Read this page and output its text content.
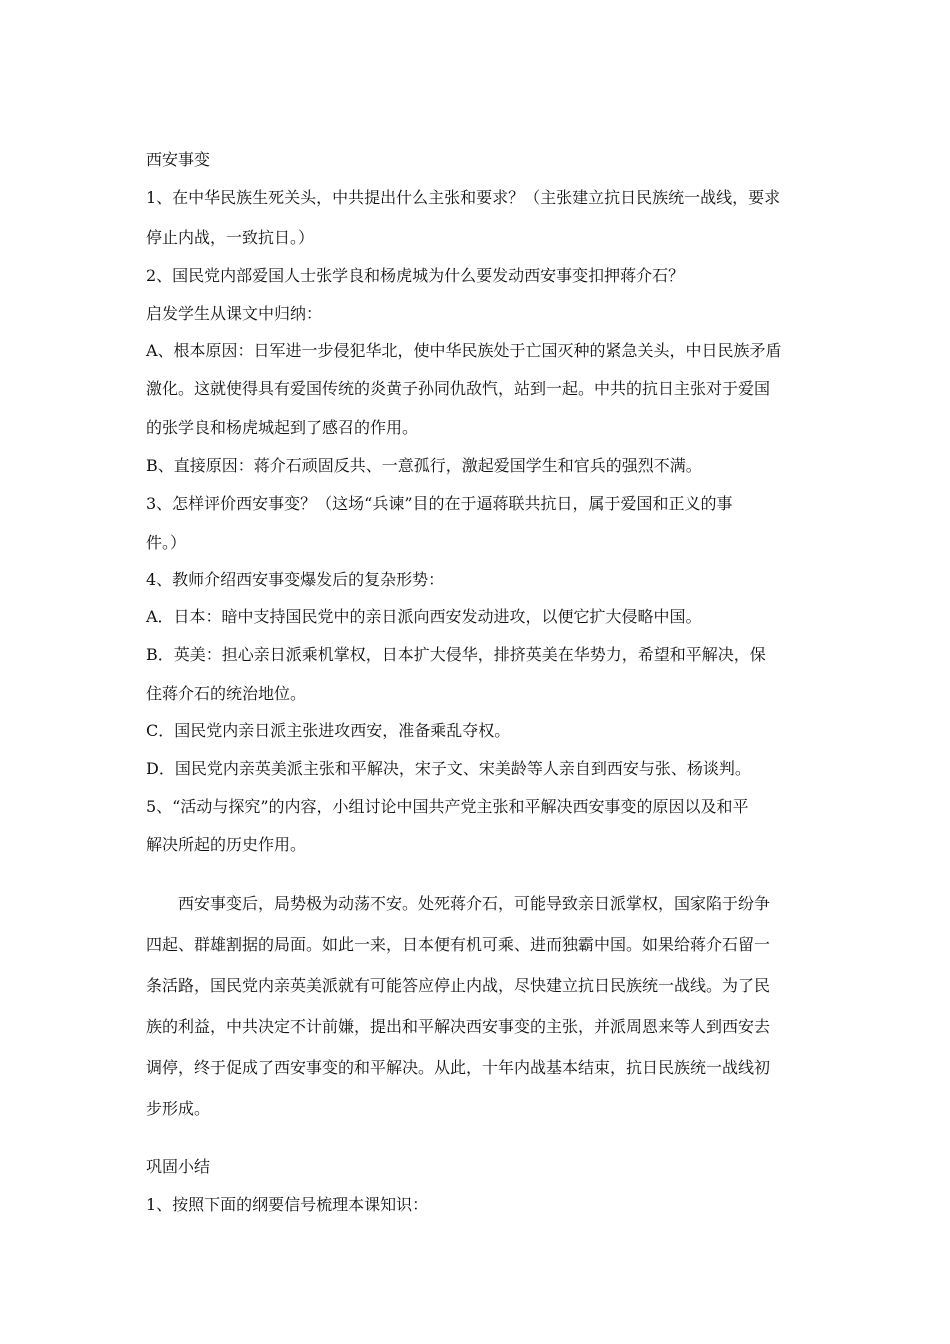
西安事变
1、在中华民族生死关头，中共提出什么主张和要求？（主张建立抗日民族统一战线，要求
停止内战，一致抗日。）
2、国民党内部爱国人士张学良和杨虎城为什么要发动西安事变扣押蒋介石？
启发学生从课文中归纳：
A、根本原因：日军进一步侵犯华北，使中华民族处于亡国灭种的紧急关头，中日民族矛盾
激化。这就使得具有爱国传统的炎黄子孙同仇敌忾，站到一起。中共的抗日主张对于爱国
的张学良和杨虎城起到了感召的作用。
B、直接原因：蒋介石顽固反共、一意孤行，激起爱国学生和官兵的强烈不满。
3、怎样评价西安事变？（这场“兵谏”目的在于逼蒋联共抗日，属于爱国和正义的事
件。）
4、教师介绍西安事变爆发后的复杂形势：
A．日本：暗中支持国民党中的亲日派向西安发动进攻，以便它扩大侵略中国。
B．英美：担心亲日派乘机掌权，日本扩大侵华，排挤英美在华势力，希望和平解决，保
住蒋介石的统治地位。
C．国民党内亲日派主张进攻西安，准备乘乱夺权。
D．国民党内亲英美派主张和平解决，宋子文、宋美龄等人亲自到西安与张、杨谈判。
5、“活动与探究”的内容，小组讨论中国共产党主张和平解决西安事变的原因以及和平
解决所起的历史作用。
西安事变后，局势极为动荡不安。处死蒋介石，可能导致亲日派掌权，国家陷于纷争
四起、群雄割据的局面。如此一来，日本便有机可乘、进而独霸中国。如果给蒋介石留一
条活路，国民党内亲英美派就有可能答应停止内战，尽快建立抗日民族统一战线。为了民
族的利益，中共决定不计前嫌，提出和平解决西安事变的主张，并派周恩来等人到西安去
调停，终于促成了西安事变的和平解决。从此，十年内战基本结束，抗日民族统一战线初
步形成。
巩固小结
1、按照下面的纲要信号梳理本课知识：
